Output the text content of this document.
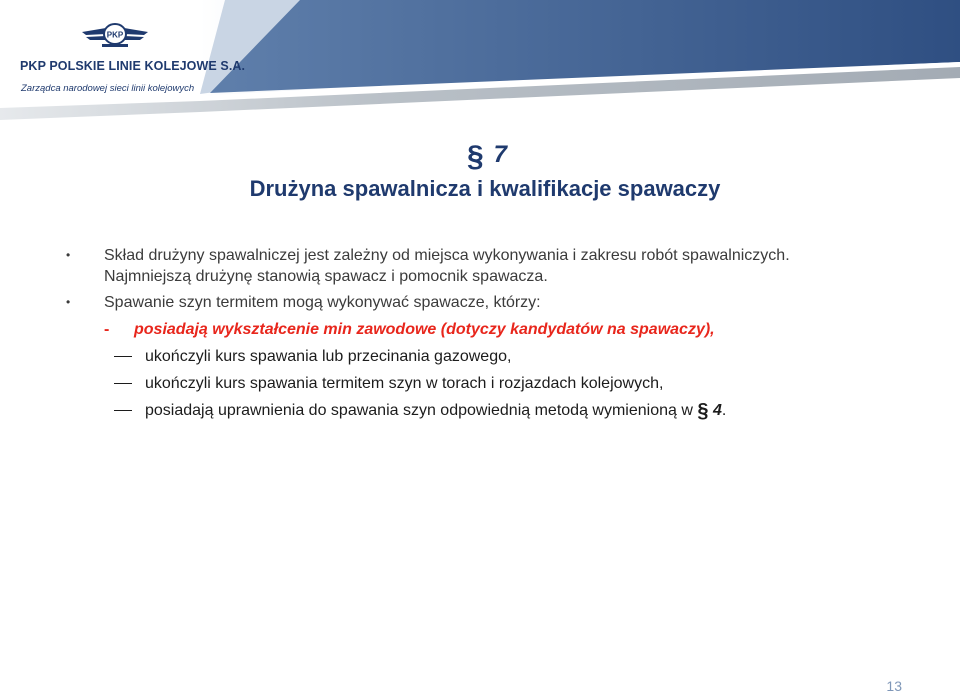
PKP
PKP POLSKIE LINIE KOLEJOWE S.A.
Zarządca narodowej sieci linii kolejowych
§ 7
Drużyna spawalnicza i kwalifikacje spawaczy
• Skład drużyny spawalniczej jest zależny od miejsca wykonywania i zakresu robót spawalniczych.
Najmniejszą drużynę stanowią spawacz i pomocnik spawacza.
• Spawanie szyn termitem mogą wykonywać spawacze, którzy:
- posiadają wykształcenie min zawodowe (dotyczy kandydatów na spawaczy),
ukończyli kurs spawania lub przecinania gazowego,
ukończyli kurs spawania termitem szyn w torach i rozjazdach kolejowych,
posiadają uprawnienia do spawania szyn odpowiednią metodą wymienioną w § 4.
13
